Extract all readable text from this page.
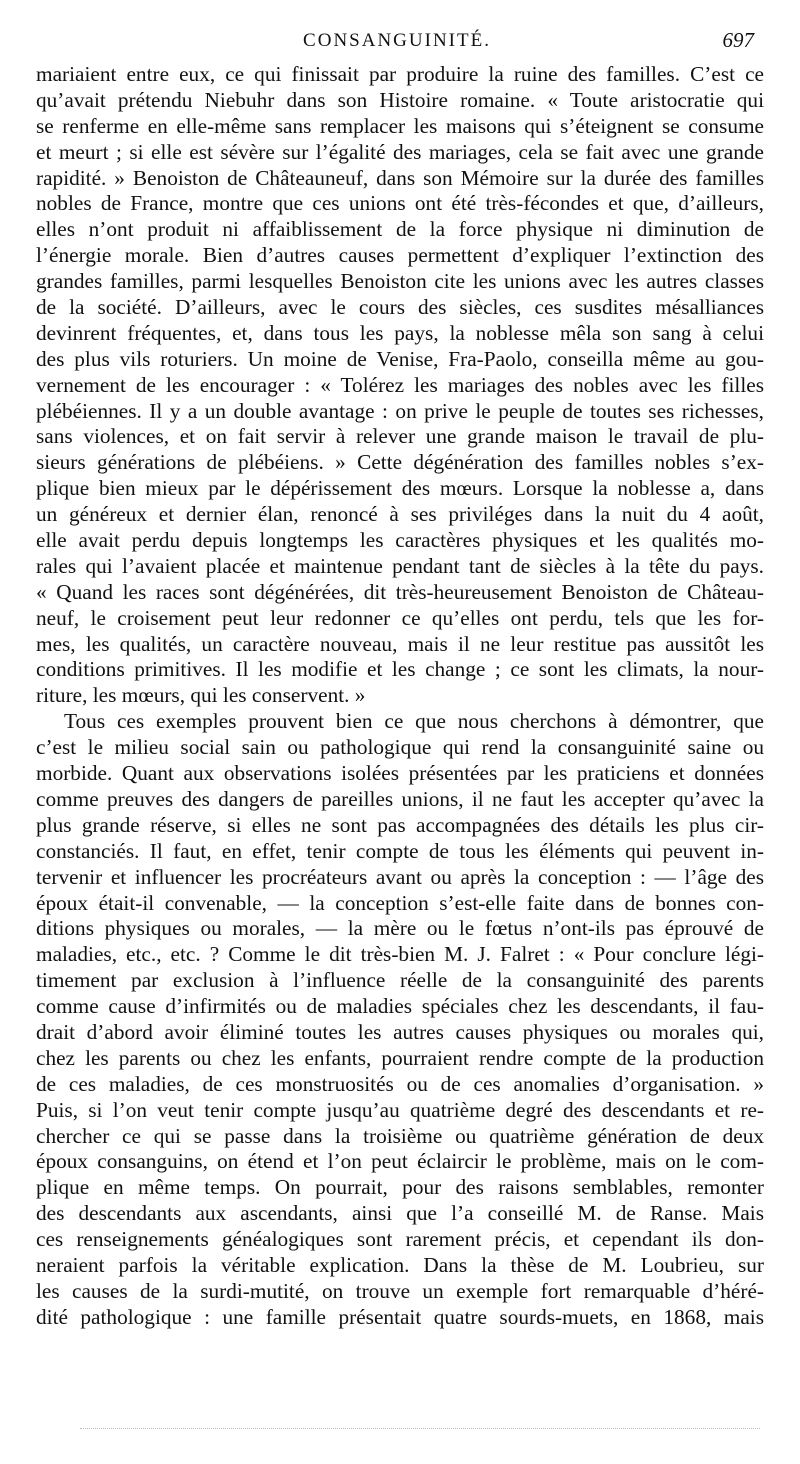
CONSANGUINITÉ.	697
mariaient entre eux, ce qui finissait par produire la ruine des familles. C’est ce
qu’avait prétendu Niebuhr dans son Histoire romaine. « Toute aristocratie qui
se renferme en elle-même sans remplacer les maisons qui s’éteignent se consume
et meurt ; si elle est sévère sur l’égalité des mariages, cela se fait avec une grande
rapidité. » Benoiston de Châteauneuf, dans son Mémoire sur la durée des familles
nobles de France, montre que ces unions ont été très-fécondes et que, d’ailleurs,
elles n’ont produit ni affaiblissement de la force physique ni diminution de
l’énergie morale. Bien d’autres causes permettent d’expliquer l’extinction des
grandes familles, parmi lesquelles Benoiston cite les unions avec les autres classes
de la société. D’ailleurs, avec le cours des siècles, ces susdites mésalliances
devinrent fréquentes, et, dans tous les pays, la noblesse mêla son sang à celui
des plus vils roturiers. Un moine de Venise, Fra-Paolo, conseilla même au gou-
vernement de les encourager : « Tolérez les mariages des nobles avec les filles
plébéiennes. Il y a un double avantage : on prive le peuple de toutes ses richesses,
sans violences, et on fait servir à relever une grande maison le travail de plu-
sieurs générations de plébéiens. » Cette dégénération des familles nobles s’ex-
plique bien mieux par le dépérissement des mœurs. Lorsque la noblesse a, dans
un généreux et dernier élan, renoncé à ses priviléges dans la nuit du 4 août,
elle avait perdu depuis longtemps les caractères physiques et les qualités mo-
rales qui l’avaient placée et maintenue pendant tant de siècles à la tête du pays.
« Quand les races sont dégénérées, dit très-heureusement Benoiston de Château-
neuf, le croisement peut leur redonner ce qu’elles ont perdu, tels que les for-
mes, les qualités, un caractère nouveau, mais il ne leur restitue pas aussitôt les
conditions primitives. Il les modifie et les change ; ce sont les climats, la nour-
riture, les mœurs, qui les conservent. »
Tous ces exemples prouvent bien ce que nous cherchons à démontrer, que
c’est le milieu social sain ou pathologique qui rend la consanguinité saine ou
morbide. Quant aux observations isolées présentées par les praticiens et données
comme preuves des dangers de pareilles unions, il ne faut les accepter qu’avec la
plus grande réserve, si elles ne sont pas accompagnées des détails les plus cir-
constanciés. Il faut, en effet, tenir compte de tous les éléments qui peuvent in-
tervenir et influencer les procréateurs avant ou après la conception : — l’âge des
époux était-il convenable, — la conception s’est-elle faite dans de bonnes con-
ditions physiques ou morales, — la mère ou le fœtus n’ont-ils pas éprouvé de
maladies, etc., etc. ? Comme le dit très-bien M. J. Falret : « Pour conclure légi-
timement par exclusion à l’influence réelle de la consanguinité des parents
comme cause d’infirmités ou de maladies spéciales chez les descendants, il fau-
drait d’abord avoir éliminé toutes les autres causes physiques ou morales qui,
chez les parents ou chez les enfants, pourraient rendre compte de la production
de ces maladies, de ces monstruosités ou de ces anomalies d’organisation. »
Puis, si l’on veut tenir compte jusqu’au quatrième degré des descendants et re-
chercher ce qui se passe dans la troisième ou quatrième génération de deux
époux consanguins, on étend et l’on peut éclaircir le problème, mais on le com-
plique en même temps. On pourrait, pour des raisons semblables, remonter
des descendants aux ascendants, ainsi que l’a conseillé M. de Ranse. Mais
ces renseignements généalogiques sont rarement précis, et cependant ils don-
neraient parfois la véritable explication. Dans la thèse de M. Loubrieu, sur
les causes de la surdi-mutité, on trouve un exemple fort remarquable d’héré-
dité pathologique : une famille présentait quatre sourds-muets, en 1868, mais
